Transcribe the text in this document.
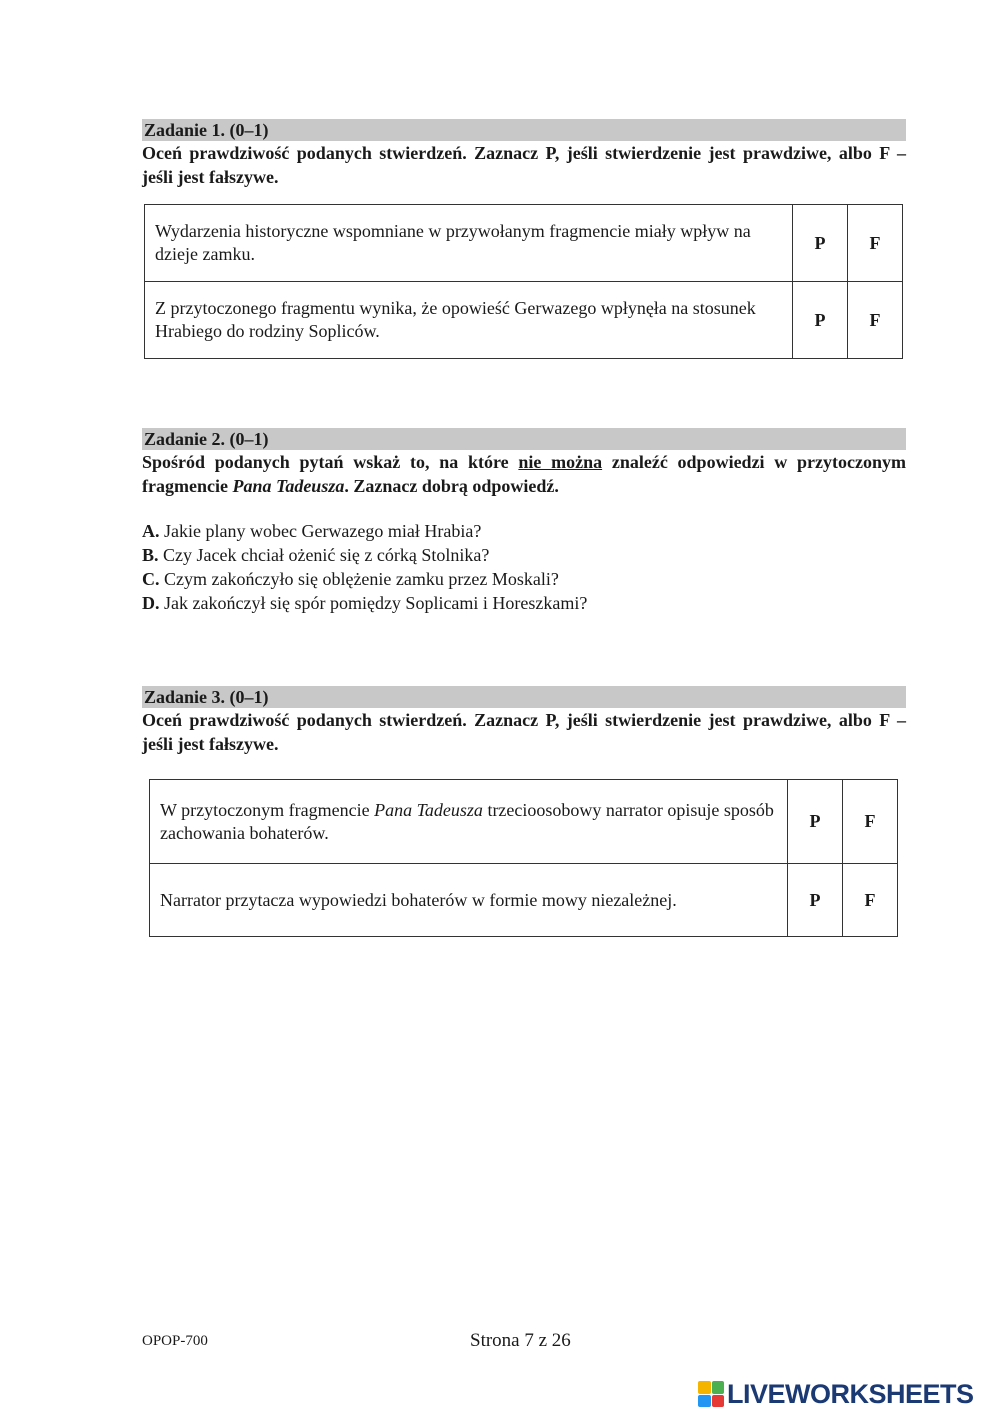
Zadanie 1. (0–1)
Oceń prawdziwość podanych stwierdzeń. Zaznacz P, jeśli stwierdzenie jest prawdziwe, albo F – jeśli jest fałszywe.
Wydarzenia historyczne wspomniane w przywołanym fragmencie miały wpływ na dzieje zamku.	P	F
Z przytoczonego fragmentu wynika, że opowieść Gerwazego wpłynęła na stosunek Hrabiego do rodziny Sopliców.	P	F
Zadanie 2. (0–1)
Spośród podanych pytań wskaż to, na które nie można znaleźć odpowiedzi w przytoczonym fragmencie Pana Tadeusza. Zaznacz dobrą odpowiedź.
A. Jakie plany wobec Gerwazego miał Hrabia?
B. Czy Jacek chciał ożenić się z córką Stolnika?
C. Czym zakończyło się oblężenie zamku przez Moskali?
D. Jak zakończył się spór pomiędzy Soplicami i Horeszkami?
Zadanie 3. (0–1)
Oceń prawdziwość podanych stwierdzeń. Zaznacz P, jeśli stwierdzenie jest prawdziwe, albo F – jeśli jest fałszywe.
W przytoczonym fragmencie Pana Tadeusza trzecioosobowy narrator opisuje sposób zachowania bohaterów.	P	F
Narrator przytacza wypowiedzi bohaterów w formie mowy niezależnej.	P	F
OPOP-700	Strona 7 z 26
LIVEWORKSHEETS
